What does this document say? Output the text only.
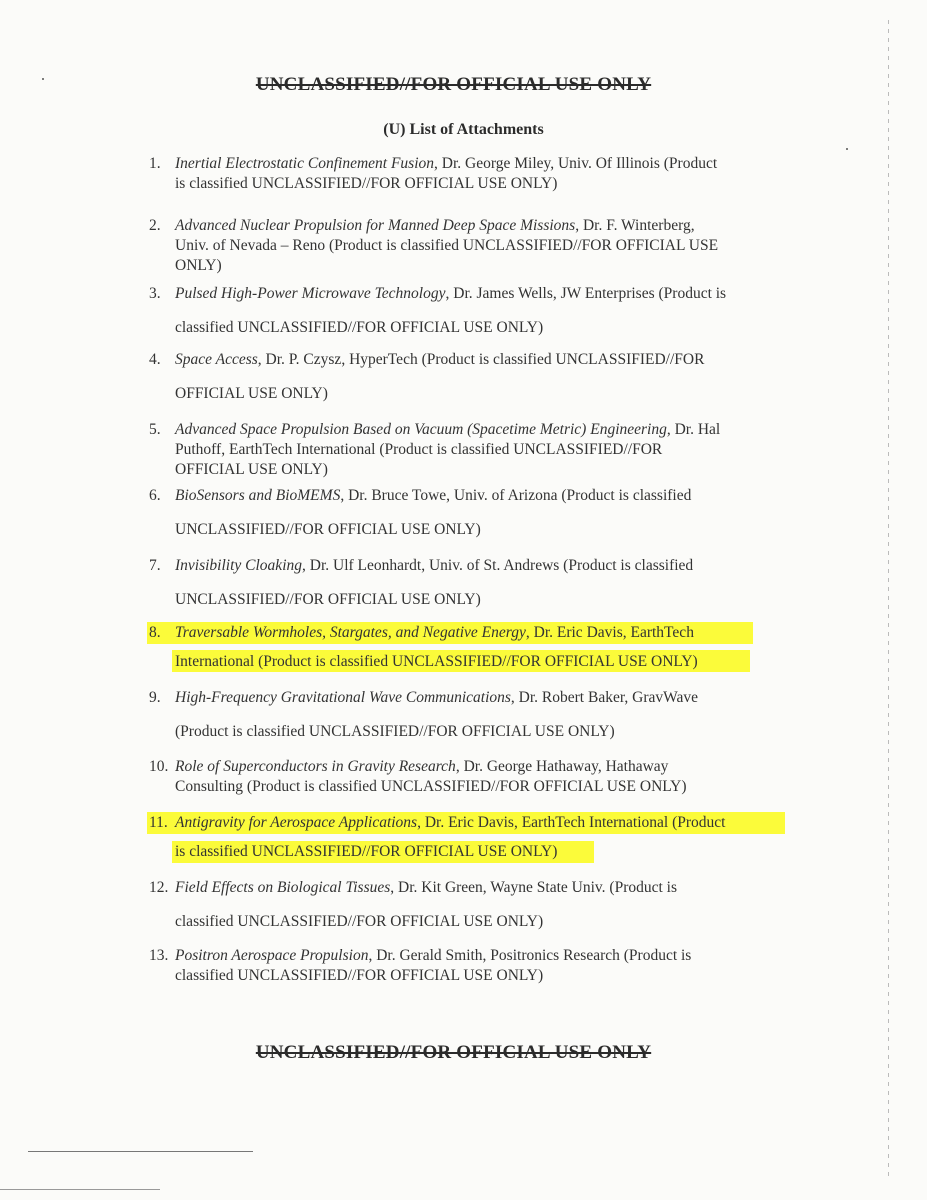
UNCLASSIFIED//FOR OFFICIAL USE ONLY
(U) List of Attachments
1. Inertial Electrostatic Confinement Fusion, Dr. George Miley, Univ. Of Illinois (Product
is classified UNCLASSIFIED//FOR OFFICIAL USE ONLY)
2. Advanced Nuclear Propulsion for Manned Deep Space Missions, Dr. F. Winterberg,
Univ. of Nevada – Reno (Product is classified UNCLASSIFIED//FOR OFFICIAL USE
ONLY)
3. Pulsed High-Power Microwave Technology, Dr. James Wells, JW Enterprises (Product is
classified UNCLASSIFIED//FOR OFFICIAL USE ONLY)
4. Space Access, Dr. P. Czysz, HyperTech (Product is classified UNCLASSIFIED//FOR
OFFICIAL USE ONLY)
5. Advanced Space Propulsion Based on Vacuum (Spacetime Metric) Engineering, Dr. Hal
Puthoff, EarthTech International (Product is classified UNCLASSIFIED//FOR
OFFICIAL USE ONLY)
6. BioSensors and BioMEMS, Dr. Bruce Towe, Univ. of Arizona (Product is classified
UNCLASSIFIED//FOR OFFICIAL USE ONLY)
7. Invisibility Cloaking, Dr. Ulf Leonhardt, Univ. of St. Andrews (Product is classified
UNCLASSIFIED//FOR OFFICIAL USE ONLY)
8. Traversable Wormholes, Stargates, and Negative Energy, Dr. Eric Davis, EarthTech
International (Product is classified UNCLASSIFIED//FOR OFFICIAL USE ONLY)
9. High-Frequency Gravitational Wave Communications, Dr. Robert Baker, GravWave
(Product is classified UNCLASSIFIED//FOR OFFICIAL USE ONLY)
10. Role of Superconductors in Gravity Research, Dr. George Hathaway, Hathaway
Consulting (Product is classified UNCLASSIFIED//FOR OFFICIAL USE ONLY)
11. Antigravity for Aerospace Applications, Dr. Eric Davis, EarthTech International (Product
is classified UNCLASSIFIED//FOR OFFICIAL USE ONLY)
12. Field Effects on Biological Tissues, Dr. Kit Green, Wayne State Univ. (Product is
classified UNCLASSIFIED//FOR OFFICIAL USE ONLY)
13. Positron Aerospace Propulsion, Dr. Gerald Smith, Positronics Research (Product is
classified UNCLASSIFIED//FOR OFFICIAL USE ONLY)
UNCLASSIFIED//FOR OFFICIAL USE ONLY
